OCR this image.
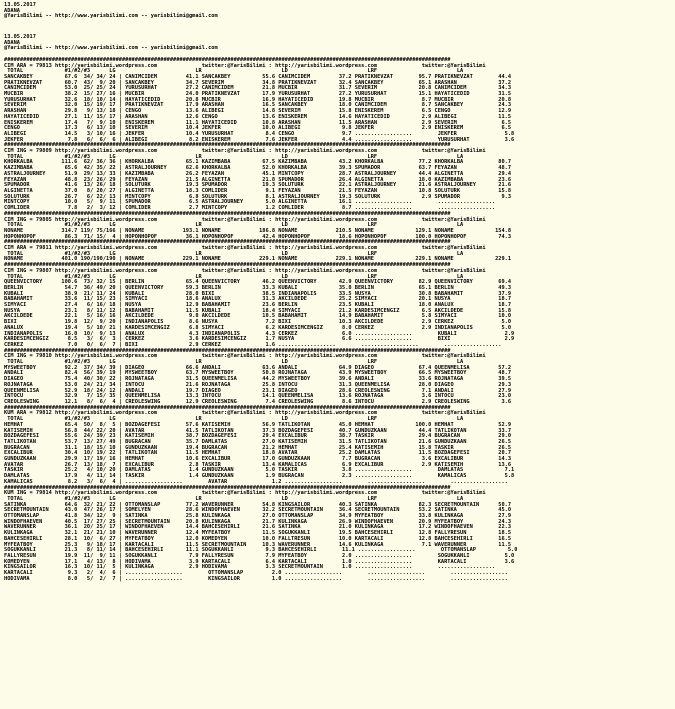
13.05.2017
ADANA
@YarisBilimi -- http://www.yarisbilimi.com -- yarisbilimi@gmail.com
13.05.2017
ADANA
@YarisBilimi -- http://www.yarisbilimi.com -- yarisbilimi@gmail.com

############################################################################################################################################
CIM ARA = 79813 http://yarisbilimi.wordpress.com              twitter:@YarisBilimi : http://yarisbilimi.wordpress.com              twitter:@YarisBilimi
TOTAL             #1/#2/#3      LG                         LR                         LD                         LRF                         LA
SANCAKBEY          67.6  34/ 34/ 24 | CANIMCIDEM         41.1 SANCAKBEY          55.6 CANIMCIDEM         37.2 PRATIKNEVZAT        95.7 PRATIKNEVZAT        44.4
PRATIKNEVZAT       60.7  43/  9/ 20 | SANCAKBEY          34.7 SEVERIM            34.8 PRATIKNEVZAT       32.4 SANCAKBEY           65.1 ARASHAN             37.2
CANIMCIDEM         53.0  25/ 25/ 24 | YURUSURHAT         27.2 CANIMCIDEM         21.8 MUCBIR             31.7 SEVERIM             20.8 CANIMCIDEM          34.3
MUCBIR             38.2  15/ 27/ 16 | MUCBIR             24.0 PRATIKNEVZAT       17.9 YURUSURHAT         27.2 YURUSURHAT          15.1 HAYATICEDID         31.5
YURUSURHAT         32.6  18/ 10/ 14 | HAYATICEDID        20.8 MUCBIR             16.9 HAYATICEDID        19.8 MUCBIR               8.7 MUCBIR              20.8
SEVERIM            32.0  15/ 19/ 17 | PRATIKNEVZAT       17.9 ARASHAN            16.5 SANCAKBEY          18.0 CANIMCIDEM           8.7 SANCAKBEY           24.3
ARASHAN            29.8   9/ 13/ 18 | CENGO              13.6 ALIBEGI            14.8 SEVERIM            15.8 ENISKEREM            6.5 CENGO               12.9
HAYATICEDID        27.1  11/ 15/ 17 | ARASHAN            12.6 CENGO              13.6 ENISKEREM          14.6 HAYATICEDID          2.9 ALIBEGI             11.5
ENISKEREM          17.4   7/  9/ 10 | ENISKEREM          11.1 HAYATICEDID        10.8 ARASHAN            11.5 ARASHAN              2.9 SEVERIM              6.5
CENGO              17.3   6/ 13/ 10 | SEVERIM            10.4 JEKFER             10.0 ALIBEGI             9.8 JEKFER               2.9 ENISKEREM            6.5
ALIBEGI            14.5   3/ 10/ 16 | JEKFER             10.4 YURUSURHAT          8.4 CENGO               9.7 ..................        JEKFER               5.8
JEKFER              7.8   6/  6/  6 | ALIBEGI             8.2 ENISKEREM           7.6 JEKFER              4.4 ..................        YURUSURHAT           3.6
############################################################################################################################################
CIM ING = 79809 http://yarisbilimi.wordpress.com              twitter:@YarisBilimi : http://yarisbilimi.wordpress.com              twitter:@YarisBilimi
TOTAL             #1/#2/#3      LG                         LR                         LD                         LRF                         LA
KHORKALBA         111.6  62/ 36/ 36 | KHORKALBA          65.1 KAZIMBABA          67.5 KAZIMBABA          43.2 KHORKALBA           77.2 KHORKALBA           80.7
KAZIMBABA          65.6  42/ 35/ 22 | ASTRALJOURNEY      62.6 KHORKALBA          52.0 KHORKALBA          39.3 SPUMADOR            63.7 FEYAZAN             48.7
ASTRALJOURNEY      51.9  29/ 13/ 33 | KAZIMBABA          26.2 FEYAZAN            45.1 MINTCOPY           28.7 ASTRALJOURNEY       44.4 ALGINETTA           29.4
FEYAZAN            48.8  23/ 26/ 29 | FEYAZAN            21.5 ALGINETTA          21.8 SPUMADOR           26.4 ALGINETTA           18.0 KAZIMBABA           23.6
SPUMADOR           41.6  13/ 26/ 18 | SOLUTURK           19.3 SPUMADOR           19.3 SOLUTURK           22.1 ASTRALJOURNEY       21.6 ASTRALJOURNEY       21.6
ALGINETTA          37.0   8/ 20/ 27 | ALGINETTA          18.3 COMLIDER            9.1 FEYAZAN            21.5 FEYAZAN             10.8 SOLUTURK            15.8
SOLUTURK           26.7   6/ 22/ 13 | MINTCOPY            6.8 SOLUTURK            8.1 ASTRALJOURNEY      19.3 SOLUTURK             2.9 SPUMADOR             9.3
MINTCOPY           10.0   5/  9/ 11 | SPUMADOR            6.5 ASTRALJOURNEY       5.0 ALGINETTA          16.1 ..................        ..................
COMLIDER            7.8   2/  3/ 12 | COMLIDER            2.7 MINTCOPY            1.2 COMLIDER            8.7 ..................        ..................
############################################################################################################################################
CIM ING = 79805 http://yarisbilimi.wordpress.com              twitter:@YarisBilimi : http://yarisbilimi.wordpress.com              twitter:@YarisBilimi
TOTAL             #1/#2/#3      LG                         LR                         LD                         LRF                         LA
NONAME            314.7 119/ 75/166 | NONAME            193.1 NONAME            186.8 NONAME            210.5 NONAME             129.1 NONAME             154.8
HOPONHOPOF         86.3  71/ 15/  4 | HOPONHOPOF         36.1 HOPONHOPOF         42.4 HOPONHOPOF         18.6 HOPONHOPOF         100.0 HOPONHOPOF          74.3
############################################################################################################################################
CIM ARA = 79811 http://yarisbilimi.wordpress.com              twitter:@YarisBilimi : http://yarisbilimi.wordpress.com              twitter:@YarisBilimi
TOTAL             #1/#2/#3      LG                         LR                         LD                         LRF                         LA
NONAME            401.0 190/190/190 | NONAME            229.1 NONAME            229.1 NONAME            229.1 NONAME             229.1 NONAME             229.1
############################################################################################################################################
CIM ING = 79807 http://yarisbilimi.wordpress.com              twitter:@YarisBilimi : http://yarisbilimi.wordpress.com              twitter:@YarisBilimi
TOTAL             #1/#2/#3      LG                         LR                         LD                         LRF                         LA
QUEENVICTORY      100.6  73/ 32/ 15 | BERLIN             65.4 QUEENVICTORY       46.2 QUEENVICTORY       42.9 QUEENVICTORY        82.9 QUEENVICTORY        69.4
BERLIN             54.7  36/ 49/ 20 | QUEENVICTORY       59.3 BERLIN             33.3 KUBALI             35.0 BERLIN              65.1 BERLIN              49.3
KUBALI             38.9  21/ 11/ 24 | KUBALI             28.0 BIXI               38.5 INDIANAPOLIS       33.5 NUSYA               30.8 BABAHAMIT           37.9
BABAHAMIT          33.6  11/ 15/ 23 | SIMYACI            18.6 ANALUX             31.3 AKCILDEDE          25.2 SIMYACI             20.1 NUSYA               18.7
SIMYACI            27.4   6/ 16/ 18 | NUSYA              12.9 BABAHAMIT          23.6 BERLIN             23.5 KUBALI              18.0 ANALUX              18.7
NUSYA              23.1   8/ 11/ 12 | BABAHAMIT          11.5 KUBALI             18.4 SIMYACI            21.2 KARDESIMCENGIZ       6.5 AKCILDEDE           15.8
AKCILDEDE          22.1   5/ 16/ 16 | AKCILDEDE           9.0 AKCILDEDE          10.5 BABAHAMIT          14.9 BABAHAMIT            5.8 SIMYACI             10.0
BIXI               19.8  12/  9/ 20 | INDIANAPOLIS        8.6 NUSYA               7.2 BIXI               10.3 AKCILDEDE            2.9 CERKEZ               5.0
ANALUX             19.4   5/ 10/ 21 | KARDESIMCENGIZ      6.8 SIMYACI             6.2 KARDESIMCENGIZ      8.0 CERKEZ               2.9 INDIANAPOLIS         5.0
INDIANAPOLIS       16.0  10/  9/ 13 | ANALUX              4.3 INDIANAPOLIS        4.3 CERKEZ              6.0 ..................        KUBALI               2.9
KARDESIMCENGIZ      8.5   3/  6/  3 | CERKEZ              3.6 KARDESIMCENGIZ      1.7 NUSYA               6.6 ..................        BIXI                 2.9
CERKEZ              7.0   0/  6/  7 | BIXI                2.9 CERKEZ              1.6 ..................        ..................        ..................
############################################################################################################################################
CIM ING = 79810 http://yarisbilimi.wordpress.com              twitter:@YarisBilimi : http://yarisbilimi.wordpress.com              twitter:@YarisBilimi
TOTAL             #1/#2/#3      LG                         LR                         LD                         LRF                         LA
MYSWEETBOY         92.2  37/ 34/ 39 | DIAGEO             66.6 ANDALI             63.6 ANDALI             64.9 DIAGEO              67.4 QUEENMELISA         57.2
ANDALI             82.4  56/ 39/ 19 | MYSWEETBOY         63.7 MYSWEETBOY         50.8 ROJNATAGA          43.9 MYSWEETBOY          66.5 MYSWEETBOY          48.7
DIAGEO             75.4  40/ 30/ 22 | ROJNATAGA          31.5 QUEENMELISA        44.2 MYSWEETBOY         39.6 ANDALI              33.6 ROJNATAGA           39.5
ROJNATAGA          53.0  24/ 21/ 34 | INTOCU             21.6 ROJNATAGA          25.8 INTOCU             31.3 QUEENMELISA         28.0 DIAGEO              29.3
QUEENMELISA        52.9  18/ 24/ 12 | ANDALI             19.7 DIAGEO             23.1 DIAGEO             28.6 CREOLESWING          7.1 ANDALI              27.9
INTOCU             32.9   7/ 15/ 35 | QUEENMELISA        13.3 INTOCU             14.1 QUEENMELISA        13.6 ROJNATAGA            3.6 INTOCU              23.0
CREOLESWING        12.1   8/  6/  4 | CREOLESWING        12.9 CREOLESWING         7.4 CREOLESWING         8.6 INTOCU               2.9 CREOLESWING          3.6
############################################################################################################################################
KUM ARA = 79812 http://yarisbilimi.wordpress.com              twitter:@YarisBilimi : http://yarisbilimi.wordpress.com              twitter:@YarisBilimi
TOTAL             #1/#2/#3      LG                         LR                         LD                         LRF                         LA
HEMHAT             65.4  50/  8/  5 | BOZDAGEFESI        57.6 KATISEMIH          56.9 TATLIKOTAN         45.0 HEMHAT             100.0 HEMHAT              52.9
KATISEMIH          56.8  44/ 22/ 20 | AVATAR             41.5 TATLIKOTAN         37.3 BOZDAGEFESI        40.7 GUNDUZKAAN          44.4 TATLIKOTAN          33.7
BOZDAGEFESI        55.6  24/ 39/ 23 | KATISEMIH          38.7 BOZDAGEFESI        29.4 EXCALIBUR          38.7 TASKIR              29.4 BUGRACAN            29.0
TATLIKOTAN         53.7  13/ 27/ 49 | BUGRACAN           35.7 DAMLATAS           27.0 KATISEMIH          31.5 TATLIKOTAN          21.6 GUNDUZKAAN          26.5
BUGRACAN           31.1  18/ 15/ 10 | GUNDUZKAAN         19.4 BUGRACAN           21.2 HEMHAT             25.4 KATISEMIH           15.8 TASKIR              26.5
EXCALIBUR          30.4  10/ 19/ 22 | TATLIKOTAN         11.5 HEMHAT             18.8 AVATAR             25.2 DAMLATAS            11.5 BOZDAGEFESI         20.7
GUNDUZKAAN         29.9  17/ 19/ 16 | HEMHAT             10.6 EXCALIBUR          17.0 GUNDUZKAAN          7.7 BUGRACAN             3.6 EXCALIBUR           14.3
AVATAR             26.7  13/ 18/  7 | EXCALIBUR           2.8 TASKIR             13.4 KAMALICAS           6.9 EXCALIBUR            2.9 KATISEMIH           13.6
TASKIR             25.2   4/ 10/ 20 | DAMLATAS            1.4 GUNDUZKAAN          5.0 TASKIR              3.8 ..................        DAMLATAS             7.1
DAMLATAS           17.9   4/ 11/ 14 | TASKIR              1.4 GUNDUZKAAN          1.9 BUGRACAN            2.3 ..................        KAMALICAS            5.8
KAMALICAS           8.2   3/  6/  4 | ..................        AVATAR              1.2 ..................        ..................        ..................
############################################################################################################################################
KUM ING = 79814 http://yarisbilimi.wordpress.com              twitter:@YarisBilimi : http://yarisbilimi.wordpress.com              twitter:@YarisBilimi
TOTAL             #1/#2/#3      LG                         LR                         LD                         LRF                         LA
SATINKA            64.6  32/ 21/ 22 | OTTOMANSLAP        77.2 WAVERUNNER         54.8 KINGSAILOR         40.3 SATINKA             82.3 SECRETMOUNTAIN      50.7
SECRETMOUNTAIN     43.0  47/ 26/ 17 | SOMELYEN           28.6 WINDOFHAEVEN       32.2 SECRETMOUNTAIN     36.4 SECRETMOUNTAIN      53.2 SATINKA             45.0
OTTOMANSLAP        41.8  34/ 12/  9 | SATINKA            25.8 KULINKAGA          27.0 OTTOMANSLAP        34.9 MYFEATBOY           33.8 KULINKAGA           27.9
WINDOFHAEVEN       40.5  17/ 27/ 25 | SECRETMOUNTAIN     20.8 KULINKAGA          21.7 KULINKAGA          26.9 WINDOFHAEVEN        20.9 MYFEATBOY           24.3
WAVERUNNER         36.1  20/ 25/ 17 | WINDOFHAEVEN       14.4 BAHCESEHIRLI       21.6 SATINKA            21.0 KULINKAGA           17.2 WINDOFHAEVEN        22.3
KULINKAGA          32.1  21/ 21/ 10 | WAVERUNNER         12.4 MYFEATBOY          11.5 SOGUKKANLI         19.5 BAHCESEHIRLI        12.8 FALLYRESUN          18.5
BAHCESEHIRLI       28.1  10/  6/ 27 | MYFEATBOY          12.0 KOMEDYEN           10.0 FALLTRESUN         10.0 KARTACALI           12.8 BAHCESEHIRLI        16.5
MYFEATBOY          25.3   9/ 18/ 17 | KARTACALI          11.5 SECRETMOUNTAIN     10.3 WAVERUNNER         14.6 KULINKAGA            7.1 WAVERUNNER          11.5
SOGUKKANLI         21.3   8/ 11/ 14 | BAHCESEHIRLI       11.1 SOGUKKANLI          9.3 BAHCESEHIRLI        11.1 ..................        OTTOMANSLAP          5.0
FALLYRESUN         19.9  11/  9/ 11 | SOGUKKANLI          7.9 FALLYRESUN          7.9 MYFEATBOY           2.0 ..................        SOGUKKANLI           5.0
KOMEDYEN           17.1   4/ 13/  8 | HODIVAMA            3.9 KARTACALI           6.4 KARTACALI           1.0 ..................        KARTACALI            3.6
KINGSAILOR         16.3  10/ 11/  5 | KULINKAGA           2.9 HODIVAMA            3.3 SECRETMOUNTAIN      1.0 ..................        ..................
KARTACALI           9.3   2/  4/  6 | ..................        OTTOMANSLAP         2.0 ..................        ..................        ..................
HODIVAMA            8.0   5/  2/  7 | ..................        KINGSAILOR          1.0 ..................        ..................        ..................
